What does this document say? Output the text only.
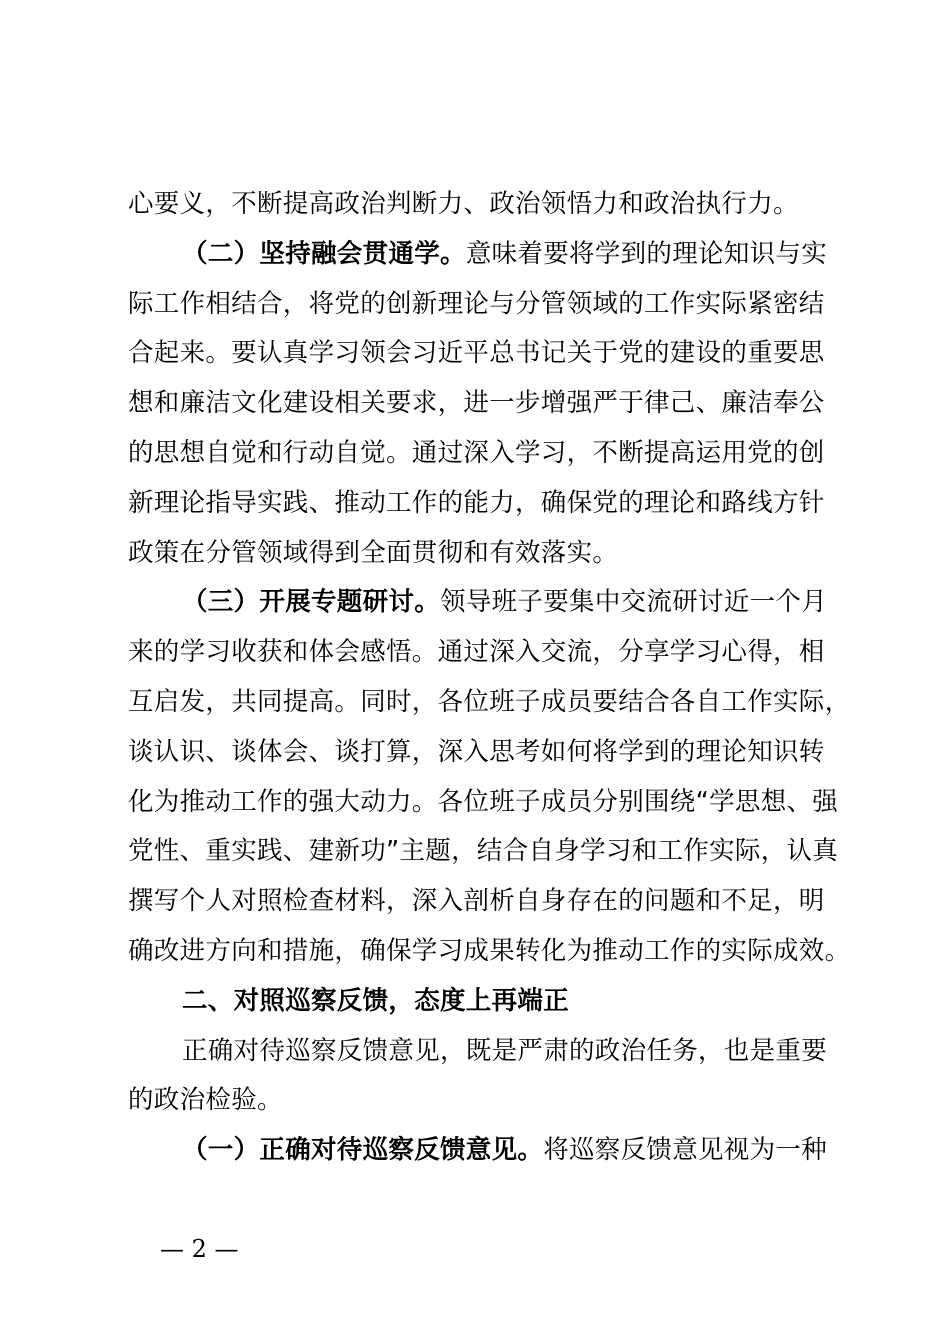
心要义，不断提高政治判断力、政治领悟力和政治执行力。
（二）坚持融会贯通学。意味着要将学到的理论知识与实
际工作相结合，将党的创新理论与分管领域的工作实际紧密结
合起来。要认真学习领会习近平总书记关于党的建设的重要思
想和廉洁文化建设相关要求，进一步增强严于律己、廉洁奉公
的思想自觉和行动自觉。通过深入学习，不断提高运用党的创
新理论指导实践、推动工作的能力，确保党的理论和路线方针
政策在分管领域得到全面贯彻和有效落实。
（三）开展专题研讨。领导班子要集中交流研讨近一个月
来的学习收获和体会感悟。通过深入交流，分享学习心得，相
互启发，共同提高。同时，各位班子成员要结合各自工作实际，
谈认识、谈体会、谈打算，深入思考如何将学到的理论知识转
化为推动工作的强大动力。各位班子成员分别围绕“学思想、强
党性、重实践、建新功”主题，结合自身学习和工作实际，认真
撰写个人对照检查材料，深入剖析自身存在的问题和不足，明
确改进方向和措施，确保学习成果转化为推动工作的实际成效。
二、对照巡察反馈，态度上再端正
正确对待巡察反馈意见，既是严肃的政治任务，也是重要
的政治检验。
（一）正确对待巡察反馈意见。将巡察反馈意见视为一种
— 2 —
